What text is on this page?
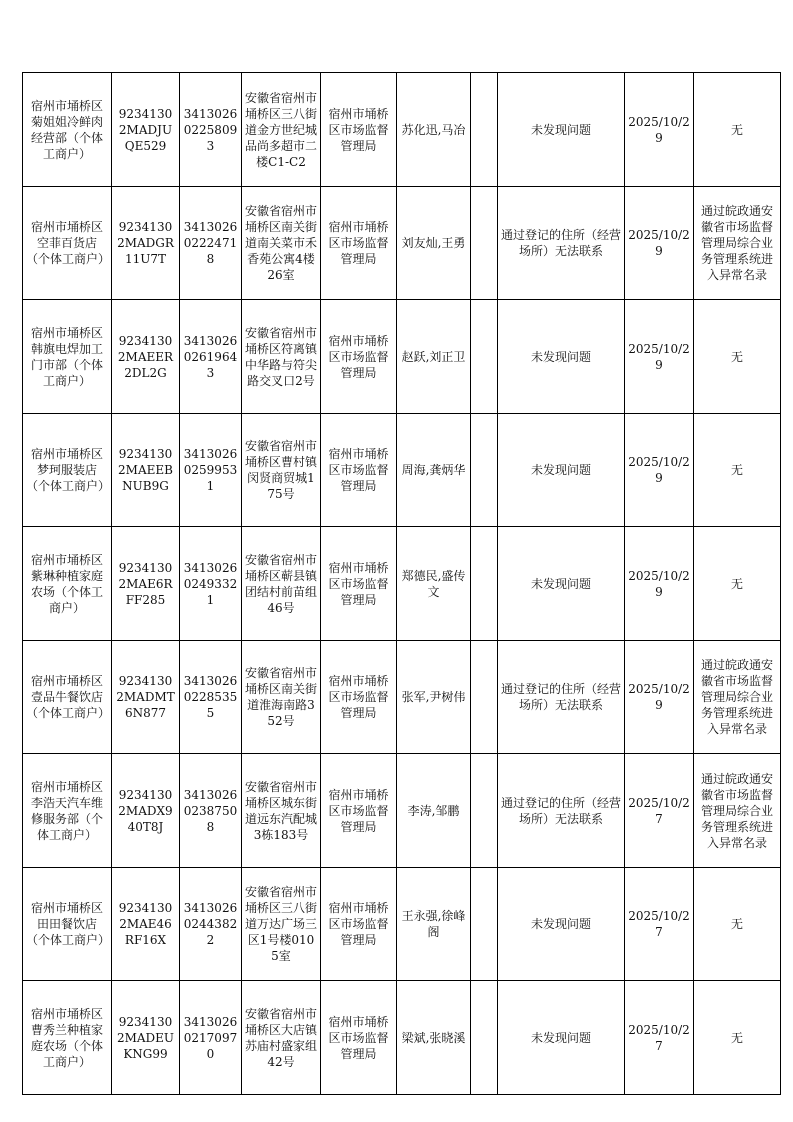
宿州市埇桥区菊姐姐冷鲜肉经营部（个体工商户）	92341302MADJUQE529	341302602258093	安徽省宿州市埇桥区三八街道金方世纪城品尚多超市二楼C1-C2	宿州市埇桥区市场监督管理局	苏化迅,马冶		未发现问题	2025/10/29	无
宿州市埇桥区空菲百货店（个体工商户）	92341302MADGR11U7T	341302602224718	安徽省宿州市埇桥区南关街道南关菜市禾香苑公寓4楼26室	宿州市埇桥区市场监督管理局	刘友灿,王勇		通过登记的住所（经营场所）无法联系	2025/10/29	通过皖政通安徽省市场监督管理局综合业务管理系统进入异常名录
宿州市埇桥区韩旗电焊加工门市部（个体工商户）	92341302MAEER2DL2G	341302602619643	安徽省宿州市埇桥区符离镇中华路与符尖路交叉口2号	宿州市埇桥区市场监督管理局	赵跃,刘正卫		未发现问题	2025/10/29	无
宿州市埇桥区梦珂服装店（个体工商户）	92341302MAEEBNUB9G	341302602599531	安徽省宿州市埇桥区曹村镇闵贤商贸城175号	宿州市埇桥区市场监督管理局	周海,龚炳华		未发现问题	2025/10/29	无
宿州市埇桥区紫琳种植家庭农场（个体工商户）	92341302MAE6RFF285	341302602493321	安徽省宿州市埇桥区蕲县镇团结村前苗组46号	宿州市埇桥区市场监督管理局	郑德民,盛传文		未发现问题	2025/10/29	无
宿州市埇桥区壹品牛餐饮店（个体工商户）	92341302MADMT6N877	341302602285355	安徽省宿州市埇桥区南关街道淮海南路352号	宿州市埇桥区市场监督管理局	张军,尹树伟		通过登记的住所（经营场所）无法联系	2025/10/29	通过皖政通安徽省市场监督管理局综合业务管理系统进入异常名录
宿州市埇桥区李浩天汽车维修服务部（个体工商户）	92341302MADX940T8J	341302602387508	安徽省宿州市埇桥区城东街道远东汽配城3栋183号	宿州市埇桥区市场监督管理局	李涛,邹鹏		通过登记的住所（经营场所）无法联系	2025/10/27	通过皖政通安徽省市场监督管理局综合业务管理系统进入异常名录
宿州市埇桥区田田餐饮店（个体工商户）	92341302MAE46RF16X	341302602443822	安徽省宿州市埇桥区三八街道万达广场三区1号楼0105室	宿州市埇桥区市场监督管理局	王永强,徐峰阁		未发现问题	2025/10/27	无
宿州市埇桥区曹秀兰种植家庭农场（个体工商户）	92341302MADEUKNG99	341302602170970	安徽省宿州市埇桥区大店镇苏庙村盛家组42号	宿州市埇桥区市场监督管理局	梁斌,张晓溪		未发现问题	2025/10/27	无
